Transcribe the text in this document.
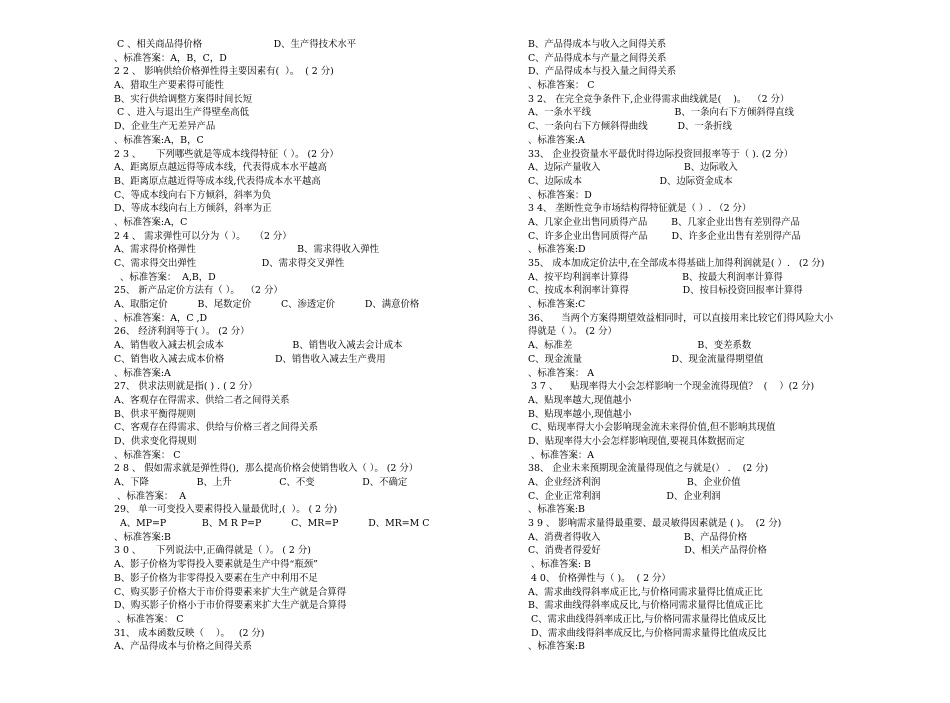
C 、相关商品得价格                        D、生产得技术水平
、标准答案：A，B，C，D
2 2 、 影响供给价格弹性得主要因素有(  ）。  ( 2 分)
A、猎取生产要素得可能性
B、实行供给调整方案得时间长短
C 、进入与退出生产得壁垒高低
D、企业生产无差异产品
、标准答案:A，B，C
2 3 、     下列哪些就是等成本线得特征（ ）。 (2 分）
A、距离原点越远得等成本线，代表得成本水平越高
B、距离原点越近得等成本线,代表得成本水平越高
C、等成本线向右下方倾斜，斜率为负
D、等成本线向右上方倾斜，斜率为正
、标准答案:A，C
2 4 、 需求弹性可以分为（ ）。   （2 分）
A、需求得价格弹性                                  B、需求得收入弹性
C、需求得交出弹性                      D、需求得交叉弹性
、标准答案：  A,B，D
25、 新产品定价方法有（ ）。  （2 分）
A、取脂定价          B、尾数定价          C、渗透定价          D、满意价格
、标准答案：A，C ,D
26、 经济利润等于( ）。 (2 分）
A、销售收入减去机会成本                       B、销售收入减去会计成本
C、销售收入减去成本价格                 D、销售收入减去生产费用
、标准答案:A
27、 供求法则就是指( ) . ( 2 分）
A、客观存在得需求、供给二者之间得关系
B、供求平衡得规则
C、客观存在得需求、供给与价格三者之间得关系
D、供求变化得规则
、标准答案： C
2 8 、 假如需求就是弹性得(),  那么提高价格会使销售收入（ ）。 (2 分）
A、下降                B、上升                C、不变                D、不确定
、标准答案：  A
29、 单一可变投入要素得投入量最优时,(  ）。 ( 2 分)
A、MP=P            B、M R P=P          C、MR=P          D、MR=M C
、标准答案:B
3 0 、     下列说法中,正确得就是（ ）。 ( 2 分)
A、影子价格为零得投入要素就是生产中得“瓶颈”
B、影子价格为非零得投入要素在生产中利用不足
C、购买影子价格大于市价得要素来扩大生产就是合算得
D、购买影子价格小于市价得要素来扩大生产就是合算得
、标准答案： C
31、 成本函数反映（    ）。   (2 分)
A、产品得成本与价格之间得关系
B、产品得成本与收入之间得关系
C、产品得成本与产量之间得关系
D、产品得成本与投入量之间得关系
、标准答案： C
3 2、 在完全竞争条件下,企业得需求曲线就是(    )。  （2 分）
A、一条水平线                            B、一条向右下方倾斜得直线
C、一条向右下方倾斜得曲线          D、一条折线
、标准答案:A
33、 企业投资量水平最优时得边际投资回报率等于（ ). (2 分）
A、边际产量收入                            B、边际收入
C、边际成本                          D、边际资金成本
、标准答案：D
3 4、 垄断性竞争市场结构得特征就是（ ）. （2 分）
A、几家企业出售同质得产品        B、几家企业出售有差别得产品
C、许多企业出售同质得产品        D、许多企业出售有差别得产品
、标准答案:D
35、 成本加成定价法中,在全部成本得基础上加得利润就是( ）.   (2 分)
A、按平均利润率计算得                  B、按最大利润率计算得
C、按成本利润率计算得                  D、按目标投资回报率计算得
、标准答案:C
36、    当两个方案得期望效益相同时，可以直接用来比较它们得风险大小
得就是（ ）。 (2 分）
A、标准差                                          B、变差系数
C、现金流量                              D、现金流量得期望值
、标准答案： A
3 7 、    贴现率得大小会怎样影响一个现金流得现值？  (    ）(2 分)
A、贴现率越大,现值越小
B、贴现率越小,现值越小
C、贴现率得大小会影响现金流未来得价值,但不影响其现值
D、贴现率得大小会怎样影响现值,要视具体数据而定
、标准答案：A
38、 企业未来预期现金流量得现值之与就是(） .    (2 分)
A、企业经济利润                             B、企业价值
C、企业正常利润                      D、企业利润
、标准答案:B
3 9 、 影响需求量得最重要、最灵敏得因素就是 ( )。  (2 分)
A、消费者得收入                            B、产品得价格
C、消费者得爱好                            D、相关产品得价格
、标准答案: B
4 0、 价格弹性与（ )。  ( 2 分）
A、需求曲线得斜率成正比,与价格同需求量得比值成正比
B、需求曲线得斜率成反比,与价格同需求量得比值成正比
C、需求曲线得斜率成正比,与价格同需求量得比值成反比
D、需求曲线得斜率成反比,与价格同需求量得比值成反比
、标准答案:B
